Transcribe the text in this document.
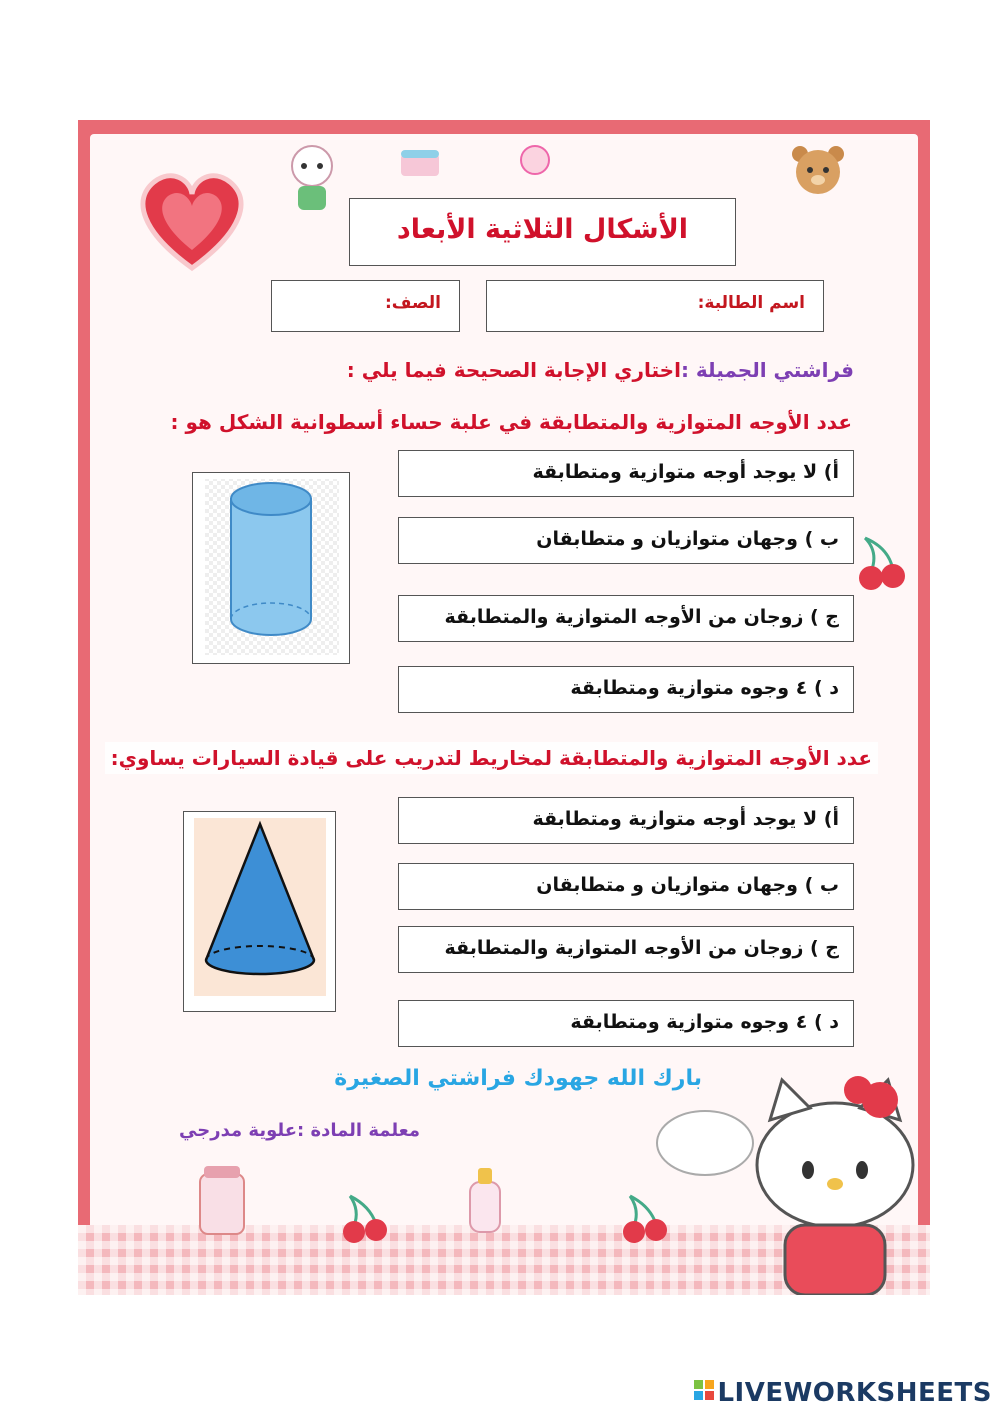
الأشكال الثلاثية الأبعاد
اسم الطالبة:
الصف:
فراشتي الجميلة :اختاري الإجابة الصحيحة فيما يلي :
عدد الأوجه المتوازية والمتطابقة في علبة حساء أسطوانية الشكل هو :
أ) لا يوجد أوجه متوازية ومتطابقة
ب ) وجهان متوازيان و متطابقان
ج ) زوجان من الأوجه المتوازية والمتطابقة
د ) ٤ وجوه متوازية ومتطابقة
عدد الأوجه المتوازية والمتطابقة لمخاريط لتدريب على قيادة السيارات يساوي:
أ) لا يوجد أوجه متوازية ومتطابقة
ب ) وجهان متوازيان و متطابقان
ج ) زوجان من الأوجه المتوازية والمتطابقة
د ) ٤ وجوه متوازية ومتطابقة
بارك الله جهودك فراشتي الصغيرة
معلمة المادة :علوية مدرجي
LIVEWORKSHEETS
